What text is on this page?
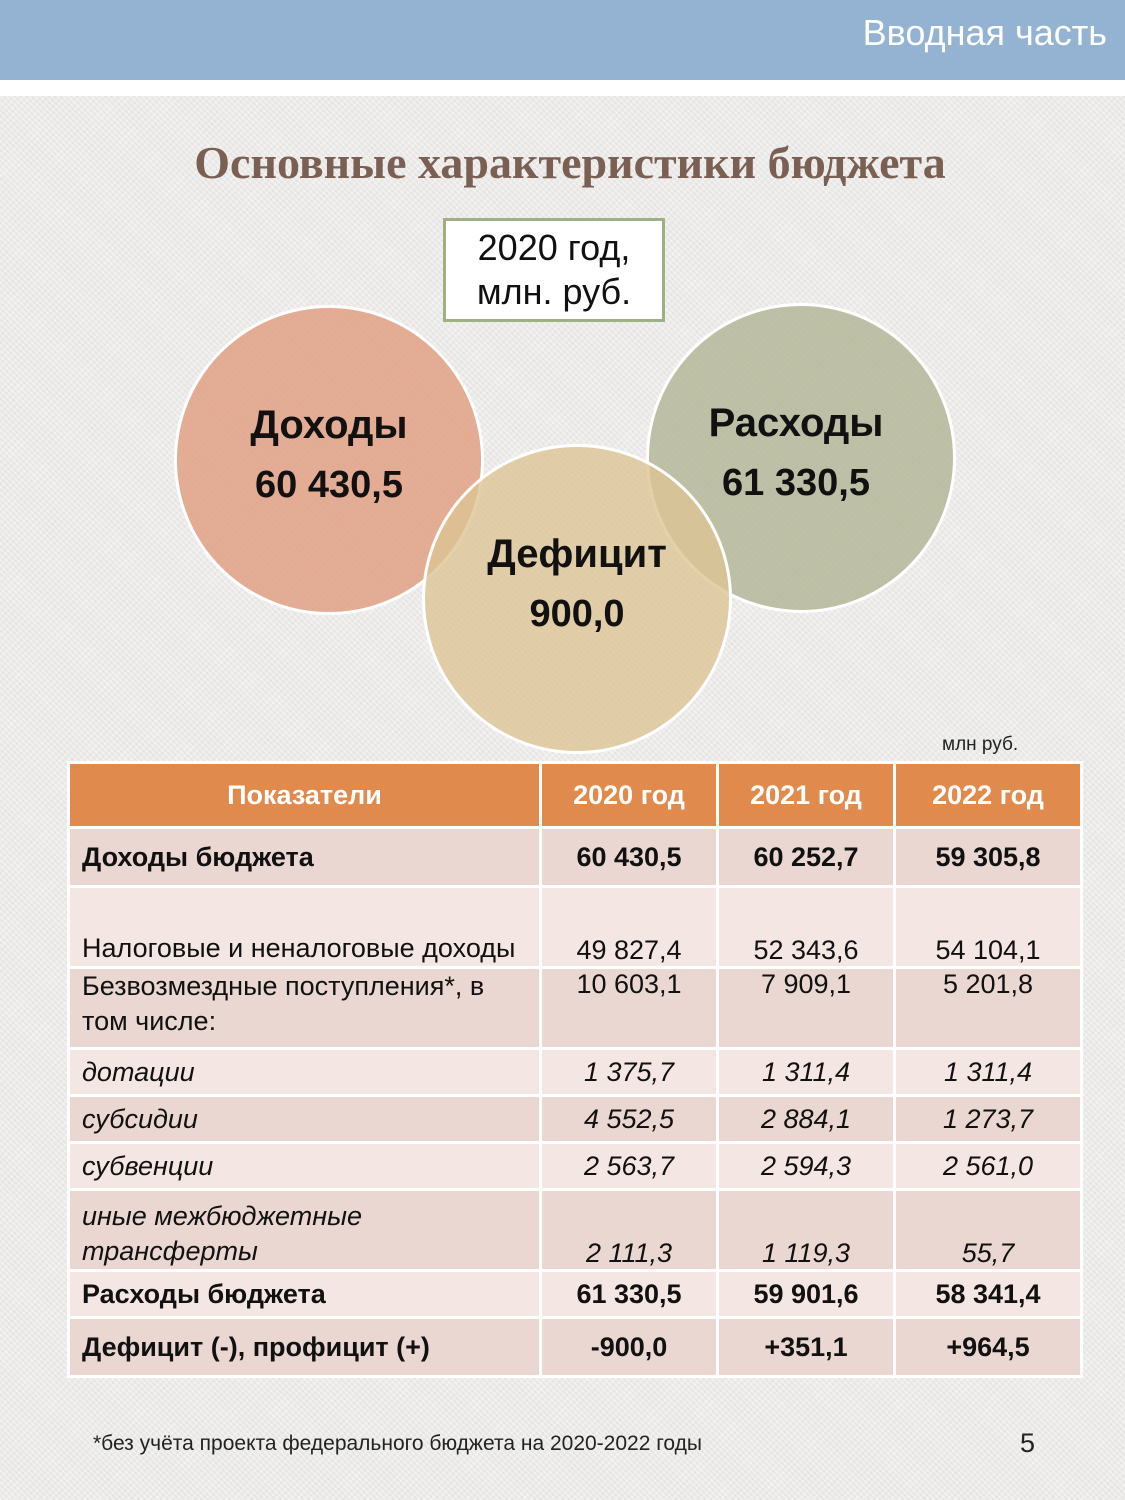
Вводная часть
Основные характеристики бюджета
Доходы
60 430,5
Расходы
61 330,5
Дефицит
900,0
2020 год,
млн. руб.
млн руб.
Показатели	2020 год	2021 год	2022 год
Доходы бюджета	60 430,5	60 252,7	59 305,8
Налоговые и неналоговые доходы	49 827,4	52 343,6	54 104,1
Безвозмездные поступления*, в том числе:	10 603,1	7 909,1	5 201,8
дотации	1 375,7	1 311,4	1 311,4
субсидии	4 552,5	2 884,1	1 273,7
субвенции	2 563,7	2 594,3	2 561,0
иные межбюджетные трансферты	2 111,3	1 119,3	55,7
Расходы бюджета	61 330,5	59 901,6	58 341,4
Дефицит (-), профицит (+)	-900,0	+351,1	+964,5
*без учёта проекта федерального бюджета на 2020-2022 годы	5
